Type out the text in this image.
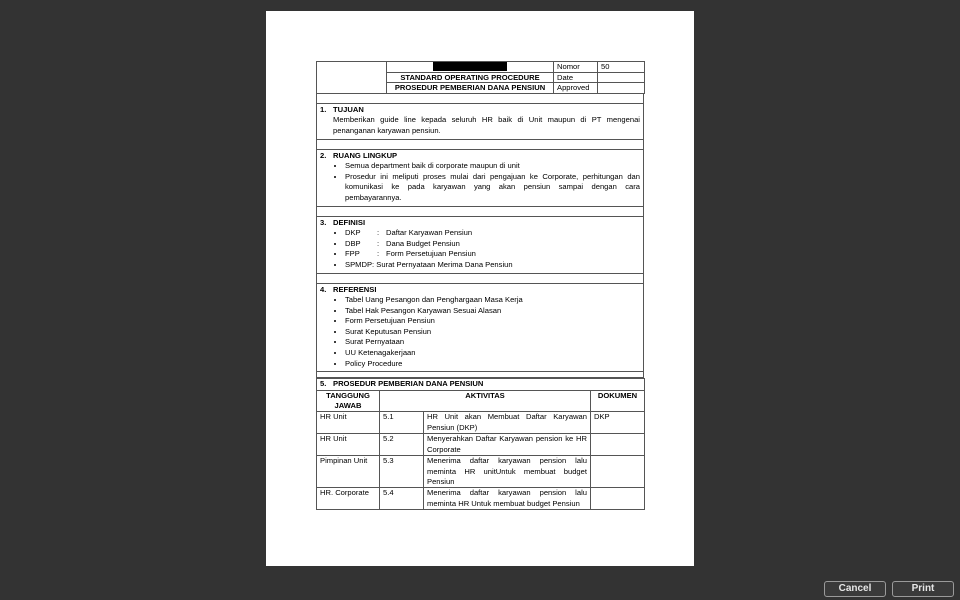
	Nomor	50
	STANDARD OPERATING PROCEDURE	Date	
	PROSEDUR PEMBERIAN DANA PENSIUN	Approved	
1. TUJUAN
Memberikan guide line kepada seluruh HR baik di Unit maupun di PT mengenai penanganan karyawan pensiun.
2. RUANG LINGKUP
• Semua department baik di corporate maupun di unit
• Prosedur ini meliputi proses mulai dari pengajuan ke Corporate, perhitungan dan komunikasi ke pada karyawan yang akan pensiun sampai dengan cara pembayarannya.
3. DEFINISI
• DKP : Daftar Karyawan Pensiun
• DBP : Dana Budget Pensiun
• FPP : Form Persetujuan Pensiun
• SPMDP: Surat Pernyataan Merima Dana Pensiun
4. REFERENSI
• Tabel Uang Pesangon dan Penghargaan Masa Kerja
• Tabel Hak Pesangon Karyawan Sesuai Alasan
• Form Persetujuan Pensiun
• Surat Keputusan Pensiun
• Surat Pernyataan
• UU Ketenagakerjaan
• Policy Procedure
5. PROSEDUR PEMBERIAN DANA PENSIUN			
TANGGUNG JAWAB	AKTIVITAS		DOKUMEN
HR Unit	5.1	HR Unit akan Membuat Daftar Karyawan Pensiun (DKP)	DKP
HR Unit	5.2	Menyerahkan Daftar Karyawan pension ke HR Corporate	
Pimpinan Unit	5.3	Menerima daftar karyawan pension lalu meminta HR unitUntuk membuat budget Pensiun	
HR. Corporate	5.4	Menerima daftar karyawan pension lalu meminta HR Untuk membuat budget Pensiun	
Cancel	Print
